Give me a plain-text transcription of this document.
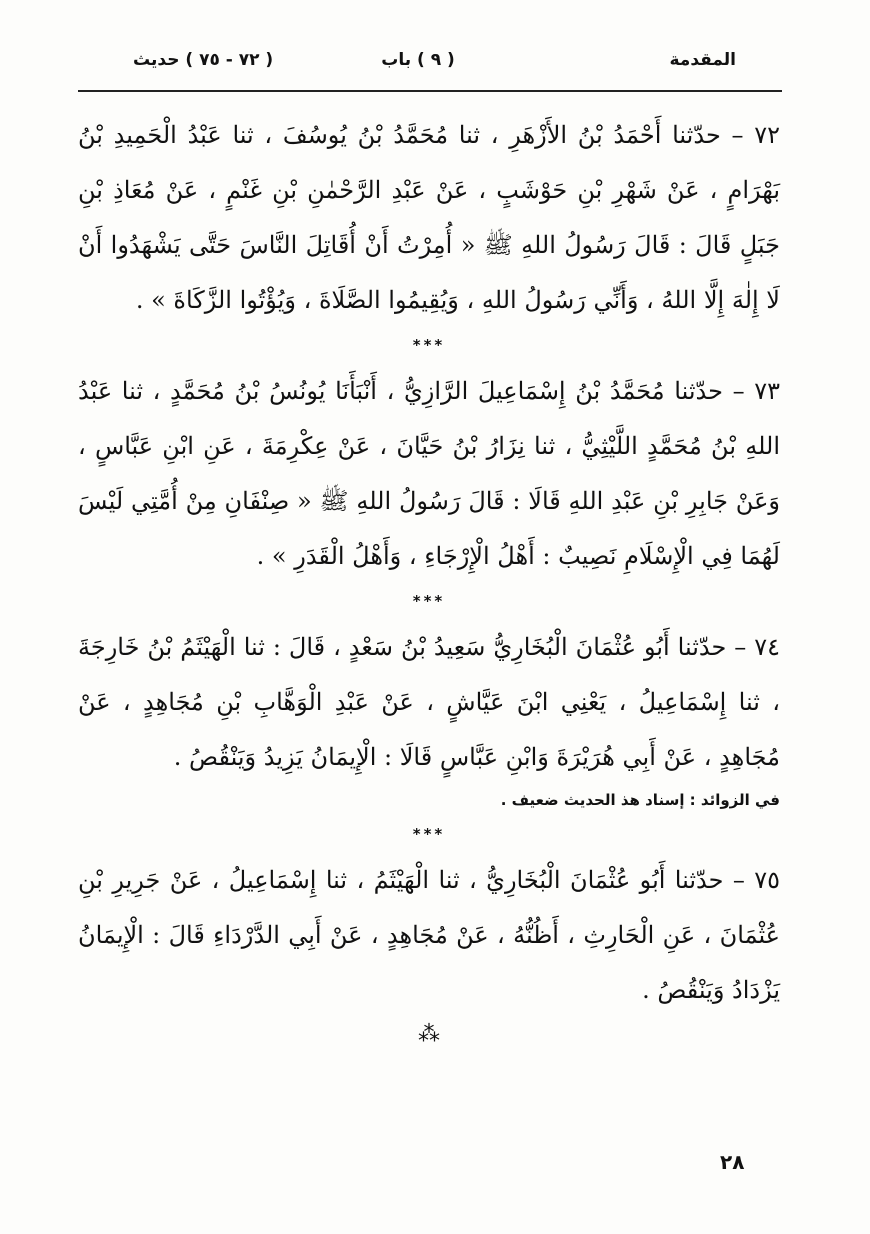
المقدمة
( ٩ ) باب
( ٧٢ - ٧٥ ) حديث

٧٢ – حدّثنا أَحْمَدُ بْنُ الأَزْهَرِ ، ثنا مُحَمَّدُ بْنُ يُوسُفَ ، ثنا عَبْدُ الْحَمِيدِ بْنُ بَهْرَامٍ ، عَنْ شَهْرِ بْنِ حَوْشَبٍ ، عَنْ عَبْدِ الرَّحْمٰنِ بْنِ غَنْمٍ ، عَنْ مُعَاذِ بْنِ جَبَلٍ قَالَ : قَالَ رَسُولُ اللهِ ﷺ « أُمِرْتُ أَنْ أُقَاتِلَ النَّاسَ حَتَّى يَشْهَدُوا أَنْ لَا إِلٰهَ إِلَّا اللهُ ، وَأَنِّي رَسُولُ اللهِ ، وَيُقِيمُوا الصَّلَاةَ ، وَيُؤْتُوا الزَّكَاةَ » .

***

٧٣ – حدّثنا مُحَمَّدُ بْنُ إِسْمَاعِيلَ الرَّازِيُّ ، أَنْبَأَنَا يُونُسُ بْنُ مُحَمَّدٍ ، ثنا عَبْدُ اللهِ بْنُ مُحَمَّدٍ اللَّيْثِيُّ ، ثنا نِزَارُ بْنُ حَيَّانَ ، عَنْ عِكْرِمَةَ ، عَنِ ابْنِ عَبَّاسٍ ، وَعَنْ جَابِرِ بْنِ عَبْدِ اللهِ قَالَا : قَالَ رَسُولُ اللهِ ﷺ « صِنْفَانِ مِنْ أُمَّتِي لَيْسَ لَهُمَا فِي الْإِسْلَامِ نَصِيبٌ : أَهْلُ الْإِرْجَاءِ ، وَأَهْلُ الْقَدَرِ » .

***

٧٤ – حدّثنا أَبُو عُثْمَانَ الْبُخَارِيُّ سَعِيدُ بْنُ سَعْدٍ ، قَالَ : ثنا الْهَيْثَمُ بْنُ خَارِجَةَ ، ثنا إِسْمَاعِيلُ ، يَعْنِي ابْنَ عَيَّاشٍ ، عَنْ عَبْدِ الْوَهَّابِ بْنِ مُجَاهِدٍ ، عَنْ مُجَاهِدٍ ، عَنْ أَبِي هُرَيْرَةَ وَابْنِ عَبَّاسٍ قَالَا : الْإِيمَانُ يَزِيدُ وَيَنْقُصُ .

في الزوائد : إسناد هذ الحديث ضعيف .
***

٧٥ – حدّثنا أَبُو عُثْمَانَ الْبُخَارِيُّ ، ثنا الْهَيْثَمُ ، ثنا إِسْمَاعِيلُ ، عَنْ جَرِيرِ بْنِ عُثْمَانَ ، عَنِ الْحَارِثِ ، أَظُنُّهُ ، عَنْ مُجَاهِدٍ ، عَنْ أَبِي الدَّرْدَاءِ قَالَ : الْإِيمَانُ يَزْدَادُ وَيَنْقُصُ .

⁂
٢٨
